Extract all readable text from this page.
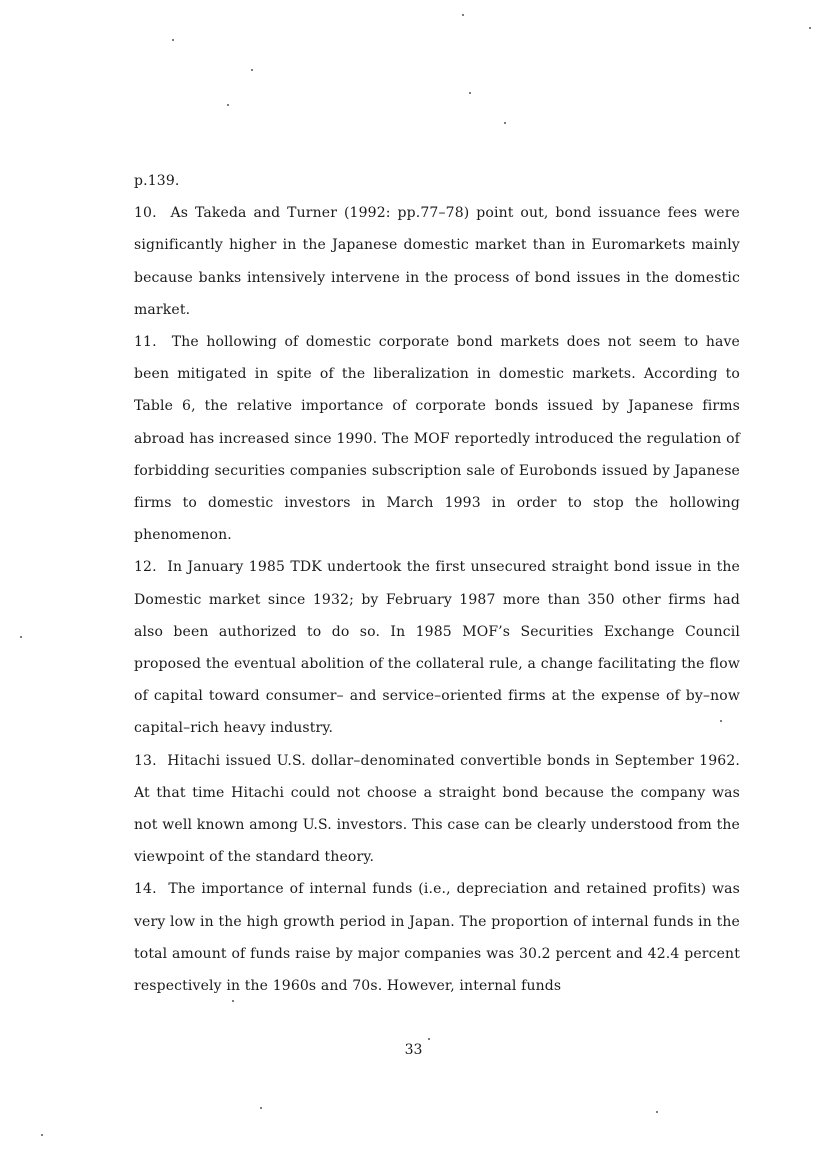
p.139.

10.  As Takeda and Turner (1992: pp.77–78) point out, bond issuance fees were significantly higher in the Japanese domestic market than in Euromarkets mainly because banks intensively intervene in the process of bond issues in the domestic market.

11.  The hollowing of domestic corporate bond markets does not seem to have been mitigated in spite of the liberalization in domestic markets. According to Table 6, the relative importance of corporate bonds issued by Japanese firms abroad has increased since 1990. The MOF reportedly introduced the regulation of forbidding securities companies subscription sale of Eurobonds issued by Japanese firms to domestic investors in March 1993 in order to stop the hollowing phenomenon.

12.  In January 1985 TDK undertook the first unsecured straight bond issue in the Domestic market since 1932; by February 1987 more than 350 other firms had also been authorized to do so. In 1985 MOF’s Securities Exchange Council proposed the eventual abolition of the collateral rule, a change facilitating the flow of capital toward consumer– and service–oriented firms at the expense of by–now capital–rich heavy industry.

13.  Hitachi issued U.S. dollar–denominated convertible bonds in September 1962. At that time Hitachi could not choose a straight bond because the company was not well known among U.S. investors. This case can be clearly understood from the viewpoint of the standard theory.

14.  The importance of internal funds (i.e., depreciation and retained profits) was very low in the high growth period in Japan. The proportion of internal funds in the total amount of funds raise by major companies was 30.2 percent and 42.4 percent respectively in the 1960s and 70s. However, internal funds

33
